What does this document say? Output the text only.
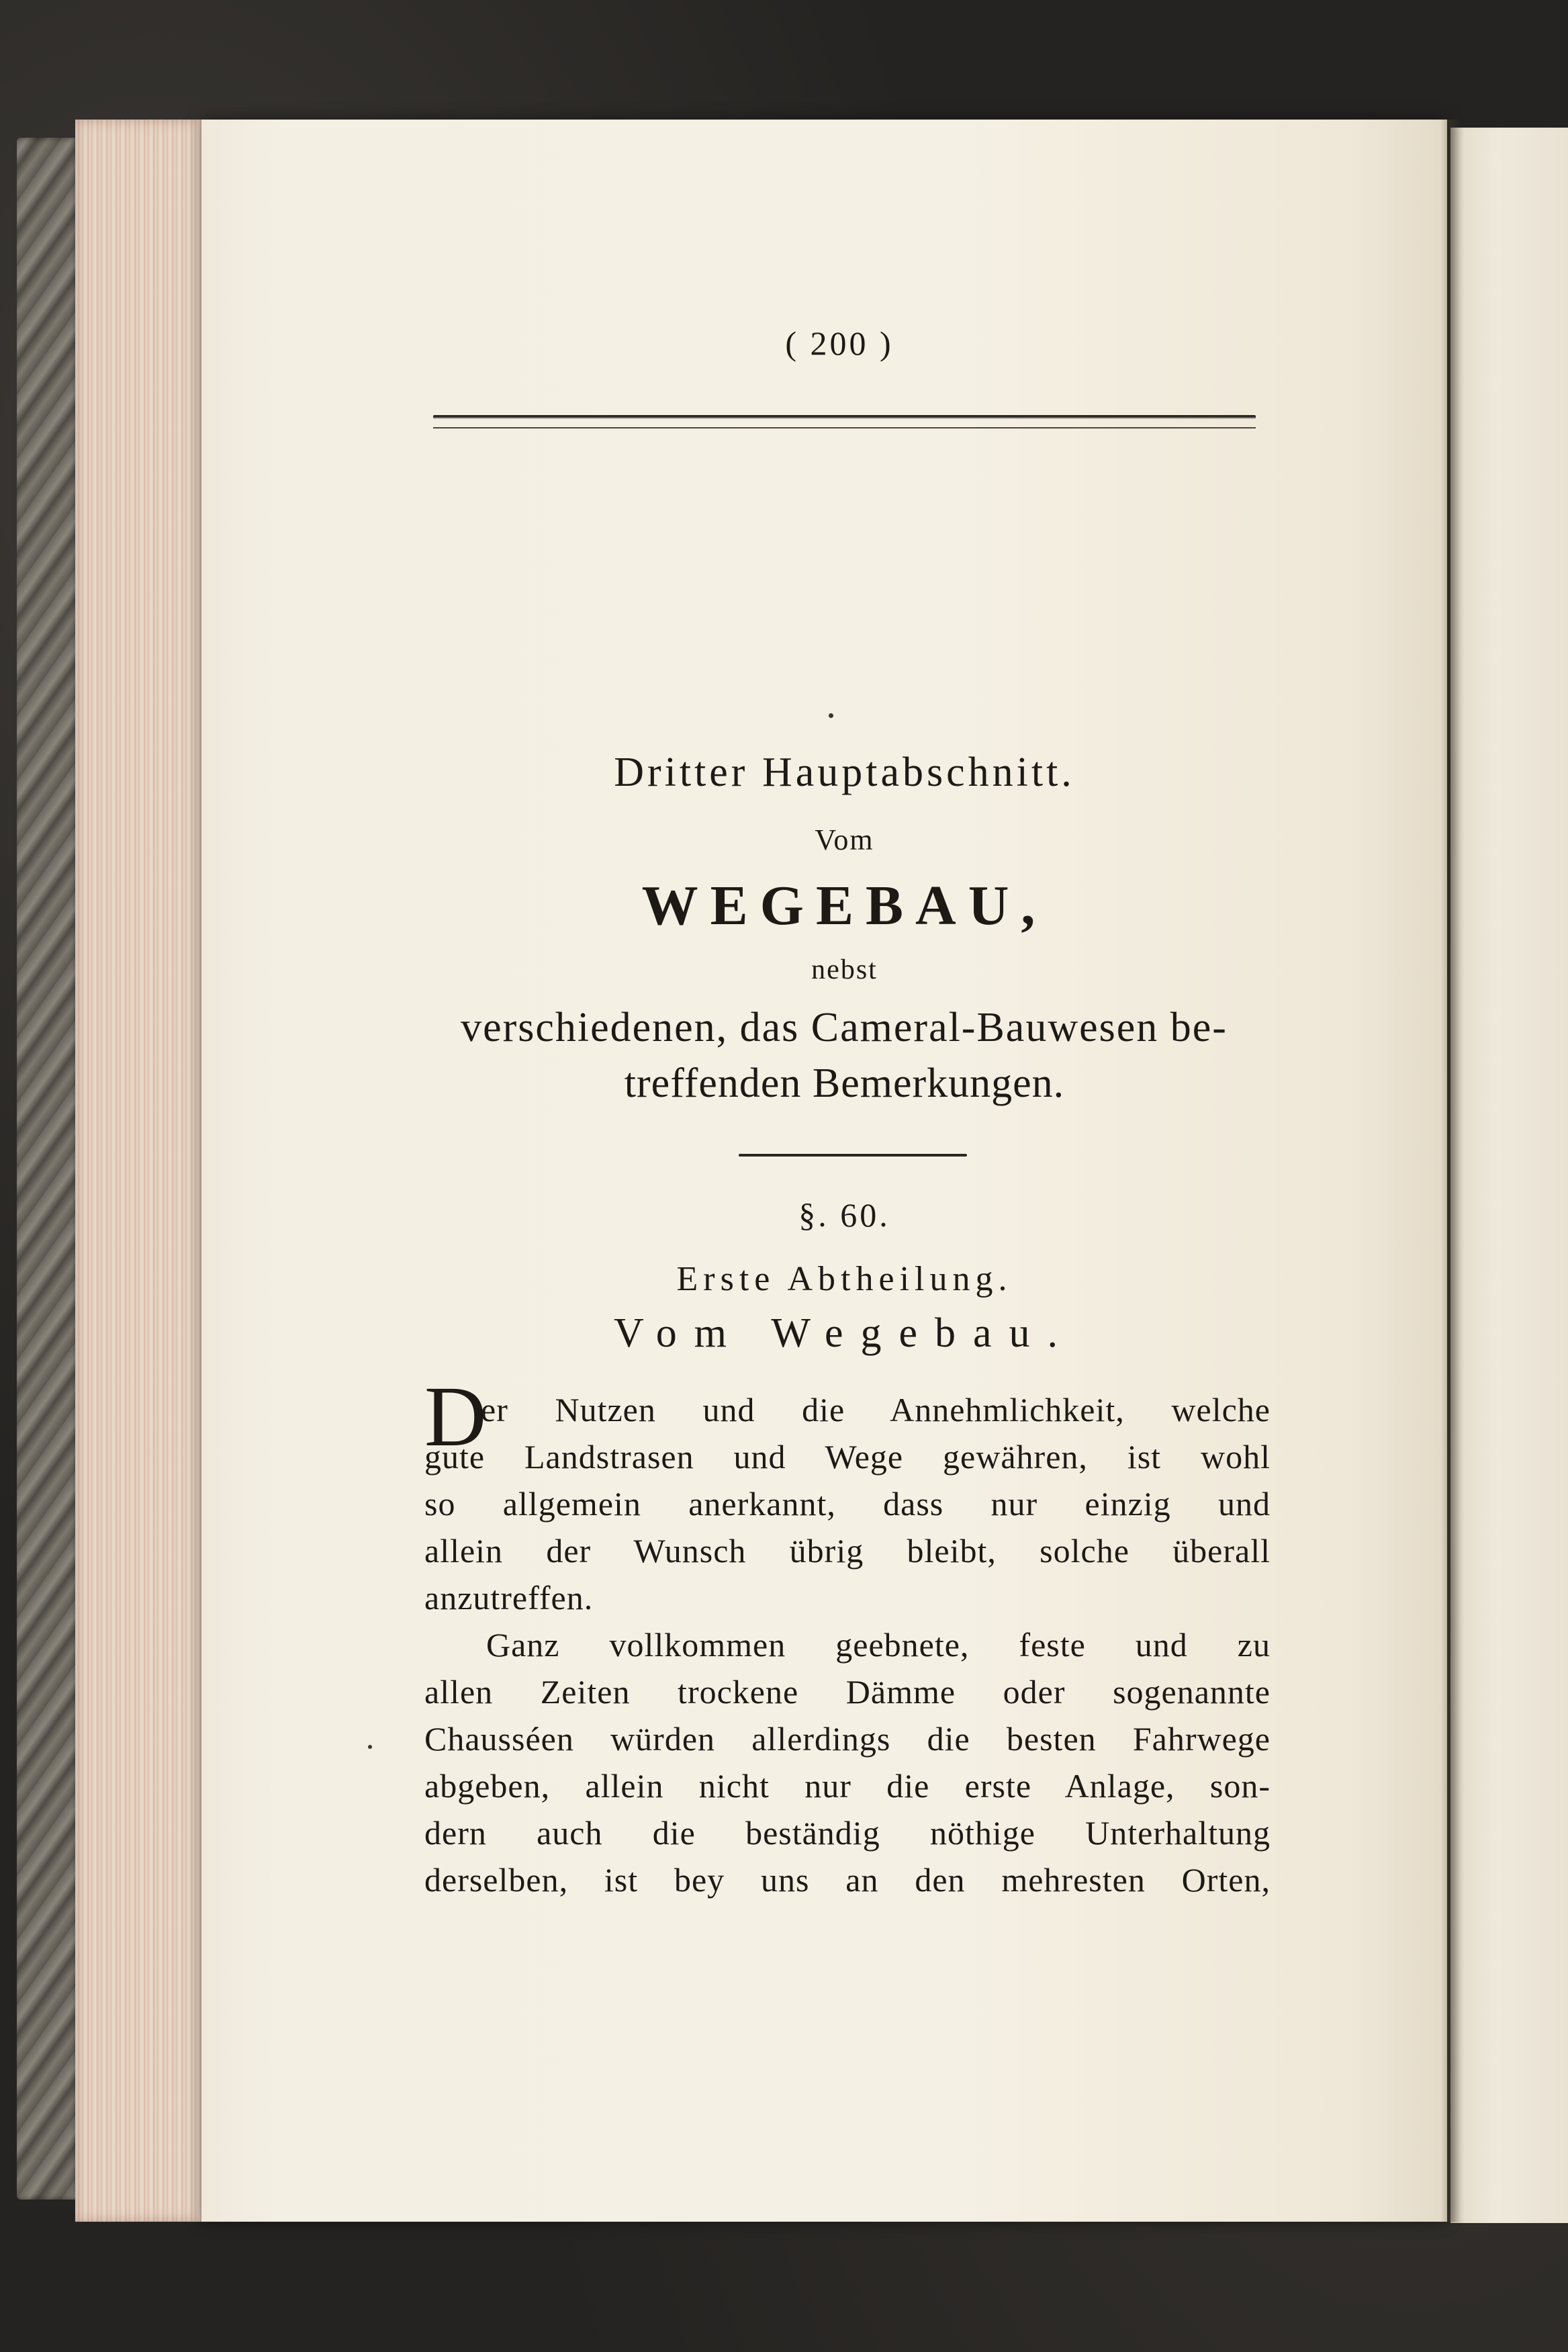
( 200 )
Dritter Hauptabschnitt.
Vom
WEGEBAU,
nebst
verschiedenen, das Cameral-Bauwesen be-
treffenden Bemerkungen.
§. 60.
Erste Abtheilung.
Vom Wegebau.
D
er Nutzen und die Annehmlichkeit, welche
gute Landstrasen und Wege gewähren, ist wohl
so allgemein anerkannt, dass nur einzig und
allein der Wunsch übrig bleibt, solche überall
anzutreffen.
Ganz vollkommen geebnete, feste und zu
allen Zeiten trockene Dämme oder sogenannte
Chausséen würden allerdings die besten Fahrwege
abgeben, allein nicht nur die erste Anlage, son-
dern auch die beständig nöthige Unterhaltung
derselben, ist bey uns an den mehresten Orten,
